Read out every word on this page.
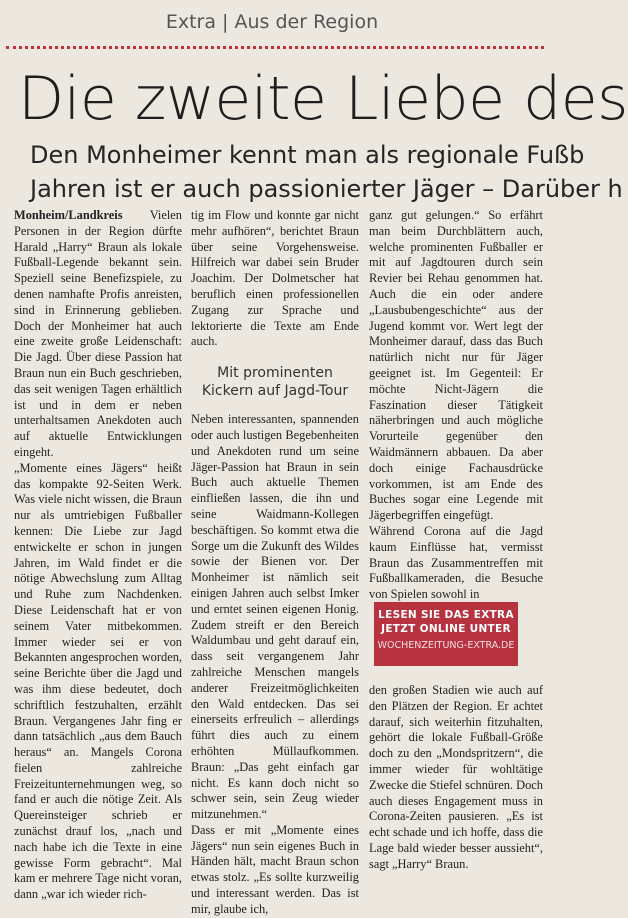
Extra | Aus der Region
Die zweite Liebe des
Den Monheimer kennt man als regionale Fußb
Jahren ist er auch passionierter Jäger – Darüber h

Monheim/Landkreis Vielen Personen in der Region dürfte Harald „Harry“ Braun als lokale Fußball-Legende bekannt sein. Speziell seine Benefizspiele, zu denen namhafte Profis anreisten, sind in Erinnerung geblieben. Doch der Monheimer hat auch eine zweite große Leidenschaft: Die Jagd. Über diese Passion hat Braun nun ein Buch geschrieben, das seit wenigen Tagen erhältlich ist und in dem er neben unterhaltsamen Anekdoten auch auf aktuelle Entwicklungen eingeht.

„Momente eines Jägers“ heißt das kompakte 92-Seiten Werk. Was viele nicht wissen, die Braun nur als umtriebigen Fußballer kennen: Die Liebe zur Jagd entwickelte er schon in jungen Jahren, im Wald findet er die nötige Abwechslung zum Alltag und Ruhe zum Nachdenken. Diese Leidenschaft hat er von seinem Vater mitbekommen. Immer wieder sei er von Bekannten angesprochen worden, seine Berichte über die Jagd und was ihm diese bedeutet, doch schriftlich festzuhalten, erzählt Braun. Vergangenes Jahr fing er dann tatsächlich „aus dem Bauch heraus“ an. Mangels Corona fielen zahlreiche Freizeitunternehmungen weg, so fand er auch die nötige Zeit. Als Quereinsteiger schrieb er zunächst drauf los, „nach und nach habe ich die Texte in eine gewisse Form gebracht“. Mal kam er mehrere Tage nicht voran, dann „war ich wieder rich-

tig im Flow und konnte gar nicht mehr aufhören“, berichtet Braun über seine Vorgehensweise. Hilfreich war dabei sein Bruder Joachim. Der Dolmetscher hat beruflich einen professionellen Zugang zur Sprache und lektorierte die Texte am Ende auch.

Mit prominenten Kickern auf Jagd-Tour

Neben interessanten, spannenden oder auch lustigen Begebenheiten und Anekdoten rund um seine Jäger-Passion hat Braun in sein Buch auch aktuelle Themen einfließen lassen, die ihn und seine Waidmann-Kollegen beschäftigen. So kommt etwa die Sorge um die Zukunft des Wildes sowie der Bienen vor. Der Monheimer ist nämlich seit einigen Jahren auch selbst Imker und erntet seinen eigenen Honig. Zudem streift er den Bereich Waldumbau und geht darauf ein, dass seit vergangenem Jahr zahlreiche Menschen mangels anderer Freizeitmöglichkeiten den Wald entdecken. Das sei einerseits erfreulich – allerdings führt dies auch zu einem erhöhten Müllaufkommen. Braun: „Das geht einfach gar nicht. Es kann doch nicht so schwer sein, sein Zeug wieder mitzunehmen.“

Dass er mit „Momente eines Jägers“ nun sein eigenes Buch in Händen hält, macht Braun schon etwas stolz. „Es sollte kurzweilig und interessant werden. Das ist mir, glaube ich,

ganz gut gelungen.“ So erfährt man beim Durchblättern auch, welche prominenten Fußballer er mit auf Jagdtouren durch sein Revier bei Rehau genommen hat. Auch die ein oder andere „Lausbubengeschichte“ aus der Jugend kommt vor. Wert legt der Monheimer darauf, dass das Buch natürlich nicht nur für Jäger geeignet ist. Im Gegenteil: Er möchte Nicht-Jägern die Faszination dieser Tätigkeit näherbringen und auch mögliche Vorurteile gegenüber den Waidmännern abbauen. Da aber doch einige Fachausdrücke vorkommen, ist am Ende des Buches sogar eine Legende mit Jägerbegriffen eingefügt.

Während Corona auf die Jagd kaum Einflüsse hat, vermisst Braun das Zusammentreffen mit Fußballkameraden, die Besuche von Spielen sowohl in

den großen Stadien wie auch auf den Plätzen der Region. Er achtet darauf, sich weiterhin fitzuhalten, gehört die lokale Fußball-Größe doch zu den „Mondspritzern“, die immer wieder für wohltätige Zwecke die Stiefel schnüren. Doch auch dieses Engagement muss in Corona-Zeiten pausieren. „Es ist echt schade und ich hoffe, dass die Lage bald wieder besser aussieht“, sagt „Harry“ Braun.

LESEN SIE DAS EXTRA
JETZT ONLINE UNTER
WOCHENZEITUNG-EXTRA.DE
